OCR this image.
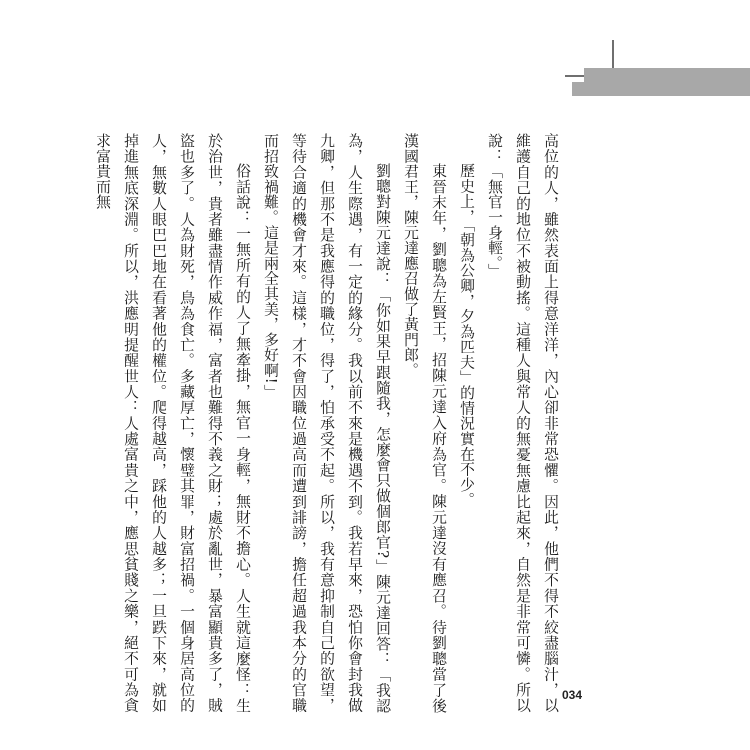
高位的人，雖然表面上得意洋洋，內心卻非常恐懼。因此，他們不得不絞盡腦汁，以維護自己的地位不被動搖。這種人與常人的無憂無慮比起來，自然是非常可憐。所以說：「無官一身輕。」

歷史上，「朝為公卿，夕為匹夫」的情況實在不少。

東晉末年，劉聰為左賢王，招陳元達入府為官。陳元達沒有應召。待劉聰當了後漢國君王，陳元達應召做了黃門郎。

劉聰對陳元達說：「你如果早跟隨我，怎麼會只做個郎官?」陳元達回答：「我認為，人生際遇，有一定的緣分。我以前不來是機遇不到。我若早來，恐怕你會封我做九卿，但那不是我應得的職位，得了，怕承受不起。所以，我有意抑制自己的欲望，等待合適的機會才來。這樣，才不會因職位過高而遭到誹謗，擔任超過我本分的官職而招致禍難。這是兩全其美，多好啊!」

俗話說：一無所有的人了無牽掛，無官一身輕，無財不擔心。人生就這麼怪：生於治世，貴者雖盡情作威作福，富者也難得不義之財；處於亂世，暴富顯貴多了，賊盜也多了。人為財死，鳥為食亡。多藏厚亡，懷璧其罪，財富招禍。一個身居高位的人，無數人眼巴巴地在看著他的權位。爬得越高，踩他的人越多；一旦跌下來，就如掉進無底深淵。所以，洪應明提醒世人：人處富貴之中，應思貧賤之樂，絕不可為貪求富貴而無

034
